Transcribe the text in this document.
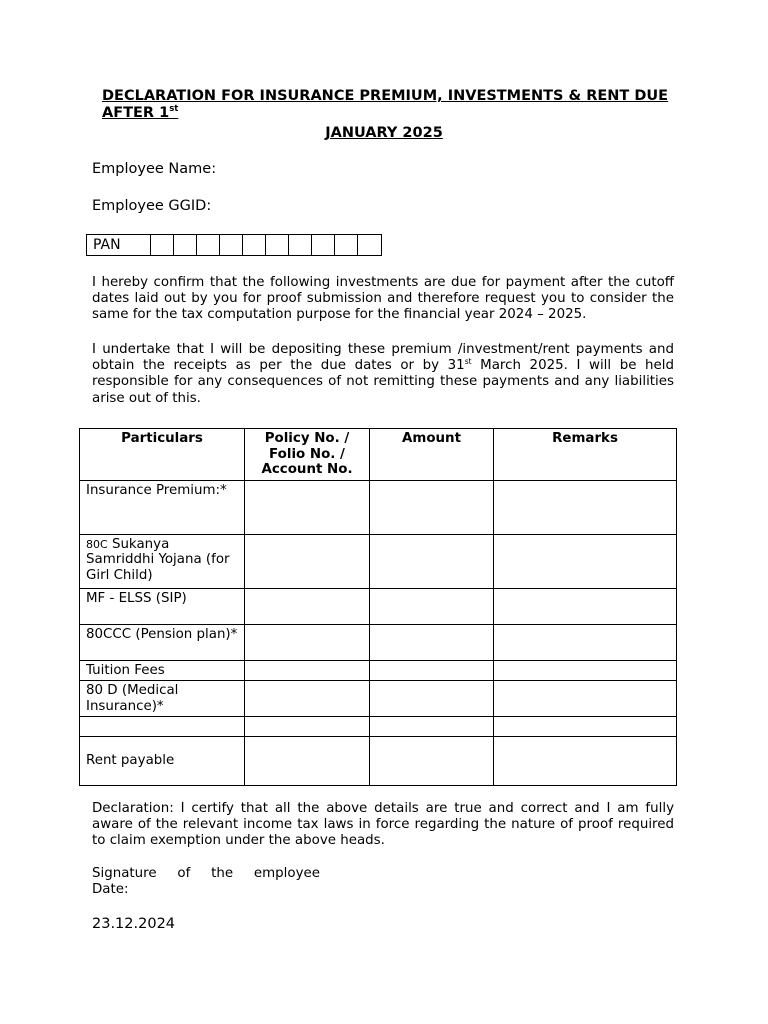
DECLARATION FOR INSURANCE PREMIUM, INVESTMENTS & RENT DUE AFTER 1st
JANUARY 2025
Employee Name:
Employee GGID:
PAN
I hereby confirm that the following investments are due for payment after the cutoff dates laid out by you for proof submission and therefore request you to consider the same for the tax computation purpose for the financial year 2024 – 2025.
I undertake that I will be depositing these premium /investment/rent payments and obtain the receipts as per the due dates or by 31st March 2025. I will be held responsible for any consequences of not remitting these payments and any liabilities arise out of this.
Particulars	Policy No. / Folio No. / Account No.	Amount	Remarks
Insurance Premium:*			
80C Sukanya Samriddhi Yojana (for Girl Child)			
MF - ELSS (SIP)			
80CCC (Pension plan)*			
Tuition Fees			
80 D (Medical Insurance)*			

Rent payable			
Declaration: I certify that all the above details are true and correct and I am fully aware of the relevant income tax laws in force regarding the nature of proof required to claim exemption under the above heads.
Signature of the employee
Date:
23.12.2024
